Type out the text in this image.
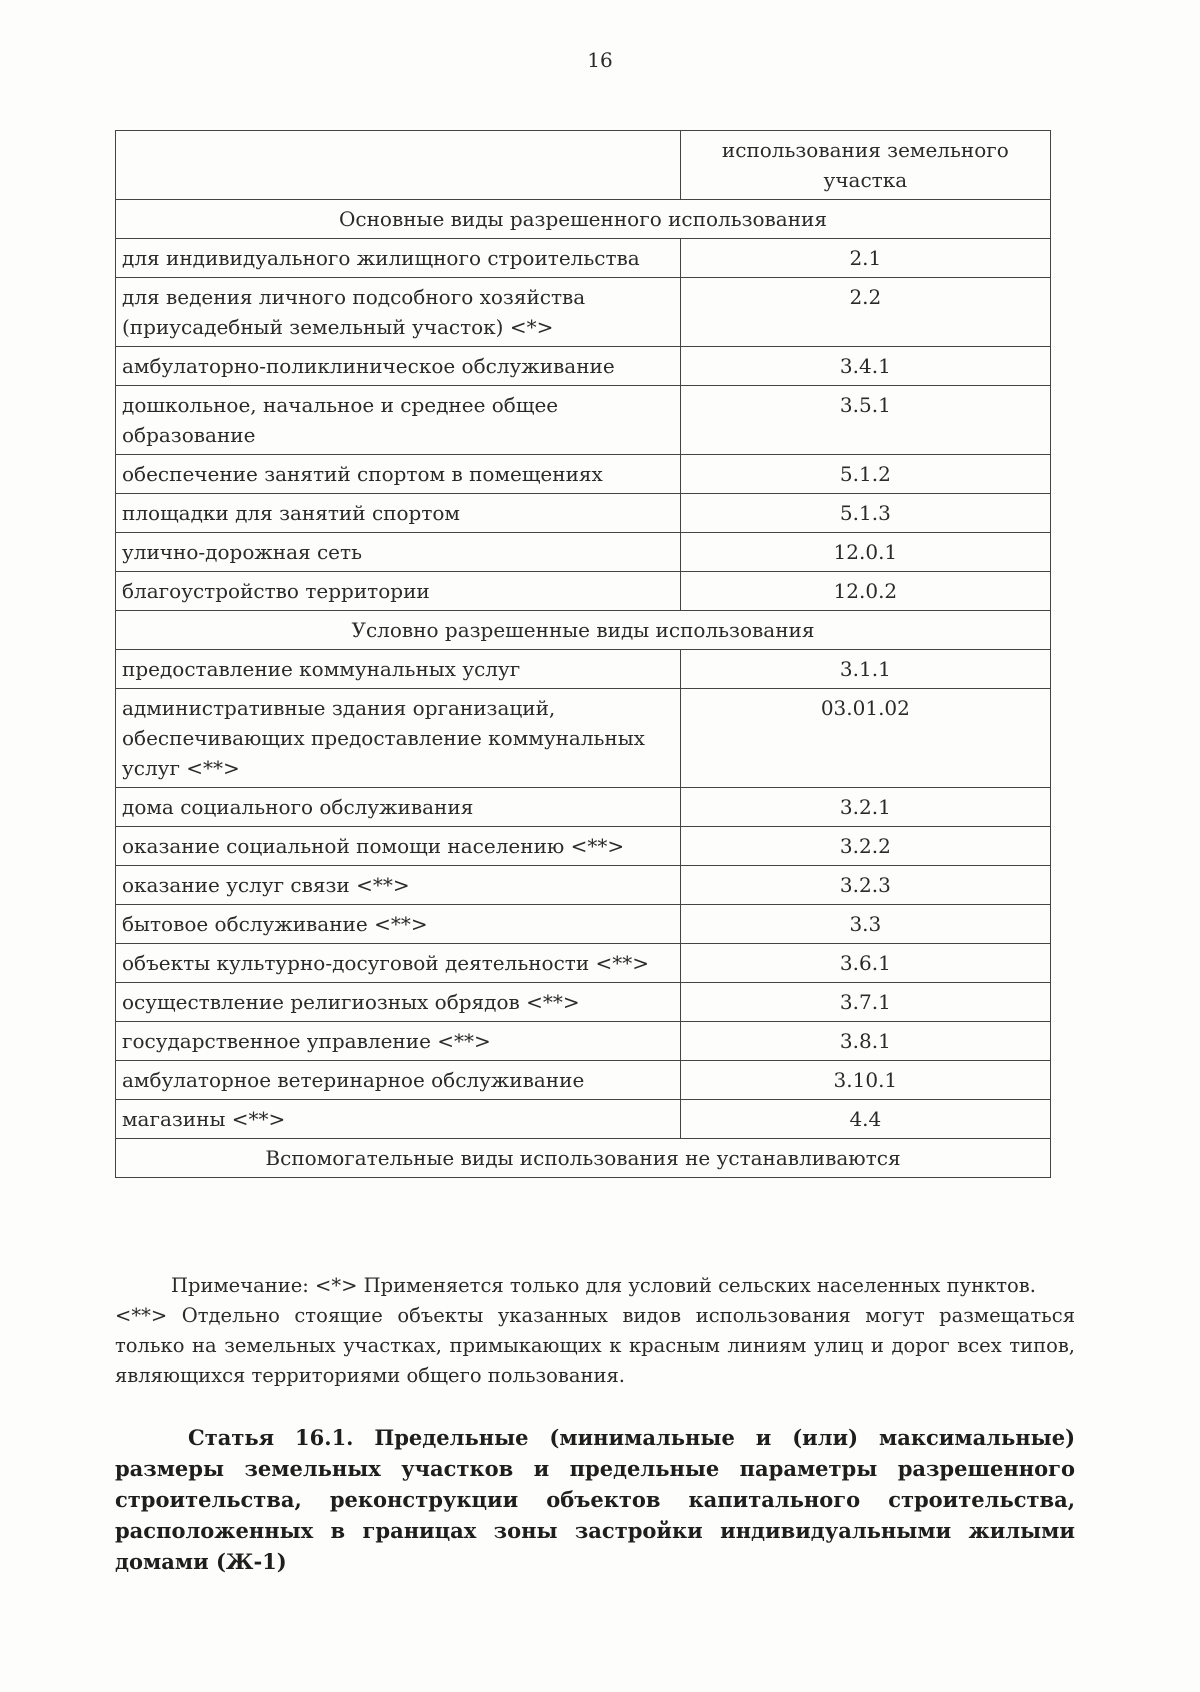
16
	использования земельного участка
Основные виды разрешенного использования	
для индивидуального жилищного строительства	2.1
для ведения личного подсобного хозяйства (приусадебный земельный участок) <*>	2.2
амбулаторно-поликлиническое обслуживание	3.4.1
дошкольное, начальное и среднее общее образование	3.5.1
обеспечение занятий спортом в помещениях	5.1.2
площадки для занятий спортом	5.1.3
улично-дорожная сеть	12.0.1
благоустройство территории	12.0.2
Условно разрешенные виды использования	
предоставление коммунальных услуг	3.1.1
административные здания организаций, обеспечивающих предоставление коммунальных услуг <**>	03.01.02
дома социального обслуживания	3.2.1
оказание социальной помощи населению <**>	3.2.2
оказание услуг связи <**>	3.2.3
бытовое обслуживание <**>	3.3
объекты культурно-досуговой деятельности <**>	3.6.1
осуществление религиозных обрядов <**>	3.7.1
государственное управление <**>	3.8.1
амбулаторное ветеринарное обслуживание	3.10.1
магазины <**>	4.4
Вспомогательные виды использования не устанавливаются	

Примечание: <*> Применяется только для условий сельских населенных пунктов.

<**> Отдельно стоящие объекты указанных видов использования могут размещаться только на земельных участках, примыкающих к красным линиям улиц и дорог всех типов, являющихся территориями общего пользования.

Статья 16.1. Предельные (минимальные и (или) максимальные) размеры земельных участков и предельные параметры разрешенного строительства, реконструкции объектов капитального строительства, расположенных в границах зоны застройки индивидуальными жилыми домами (Ж-1)
